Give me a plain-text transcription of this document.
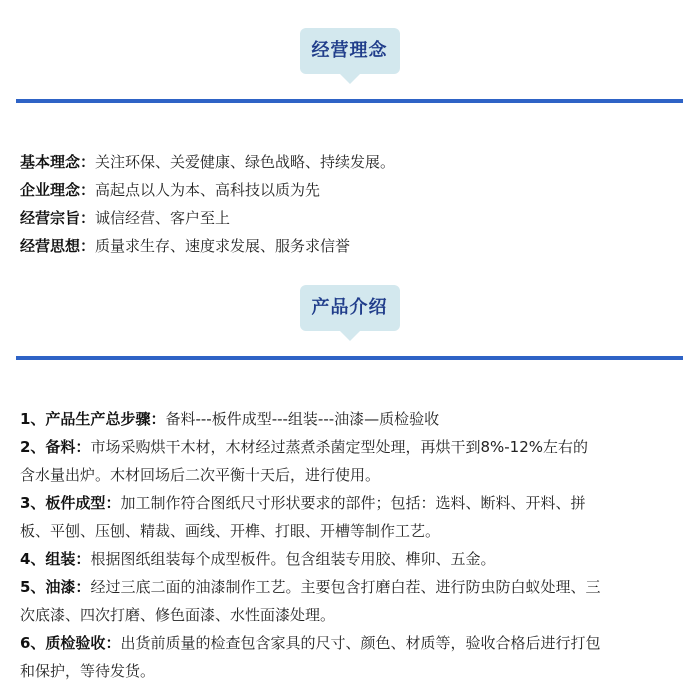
经营理念
基本理念：关注环保、关爱健康、绿色战略、持续发展。
企业理念：高起点以人为本、高科技以质为先
经营宗旨：诚信经营、客户至上
经营思想：质量求生存、速度求发展、服务求信誉
产品介绍
1、产品生产总步骤：备料---板件成型---组装---油漆—质检验收
2、备料：市场采购烘干木材，木材经过蒸煮杀菌定型处理，再烘干到8%-12%左右的
含水量出炉。木材回场后二次平衡十天后，进行使用。
3、板件成型：加工制作符合图纸尺寸形状要求的部件；包括：选料、断料、开料、拼
板、平刨、压刨、精裁、画线、开榫、打眼、开槽等制作工艺。
4、组装：根据图纸组装每个成型板件。包含组装专用胶、榫卯、五金。
5、油漆：经过三底二面的油漆制作工艺。主要包含打磨白茬、进行防虫防白蚁处理、三
次底漆、四次打磨、修色面漆、水性面漆处理。
6、质检验收：出货前质量的检查包含家具的尺寸、颜色、材质等，验收合格后进行打包
和保护，等待发货。
